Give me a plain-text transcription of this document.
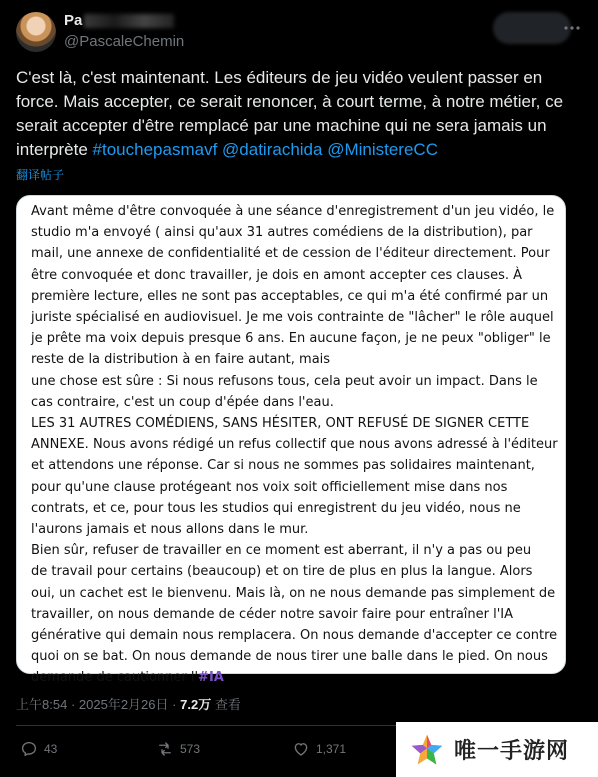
Pa
@PascaleChemin

C'est là, c'est maintenant. Les éditeurs de jeu vidéo veulent passer en force. Mais accepter, ce serait renoncer, à court terme, à notre métier, ce serait accepter d'être remplacé par une machine qui ne sera jamais un interprète #touchepasmavf @datirachida @MinistereCC

翻译帖子
Avant même d'être convoquée à une séance d'enregistrement d'un jeu vidéo, le
studio m'a envoyé ( ainsi qu'aux 31 autres comédiens de la distribution), par
mail, une annexe de confidentialité et de cession de l'éditeur directement. Pour
être convoquée et donc travailler, je dois en amont accepter ces clauses. À
première lecture, elles ne sont pas acceptables, ce qui m'a été confirmé par un
juriste spécialisé en audiovisuel. Je me vois contrainte de "lâcher" le rôle auquel
je prête ma voix depuis presque 6 ans. En aucune façon, je ne peux "obliger" le
reste de la distribution à en faire autant, mais
une chose est sûre : Si nous refusons tous, cela peut avoir un impact. Dans le
cas contraire, c'est un coup d'épée dans l'eau.
LES 31 AUTRES COMÉDIENS, SANS HÉSITER, ONT REFUSÉ DE SIGNER CETTE
ANNEXE. Nous avons rédigé un refus collectif que nous avons adressé à l'éditeur
et attendons une réponse. Car si nous ne sommes pas solidaires maintenant,
pour qu'une clause protégeant nos voix soit officiellement mise dans nos
contrats, et ce, pour tous les studios qui enregistrent du jeu vidéo, nous ne
l'aurons jamais et nous allons dans le mur.
Bien sûr, refuser de travailler en ce moment est aberrant, il n'y a pas ou peu
de travail pour certains (beaucoup) et on tire de plus en plus la langue. Alors
oui, un cachet est le bienvenu. Mais là, on ne nous demande pas simplement de
travailler, on nous demande de céder notre savoir faire pour entraîner l'IA
générative qui demain nous remplacera. On nous demande d'accepter ce contre
quoi on se bat. On nous demande de nous tirer une balle dans le pied. On nous
demande de cautionner l'#IA
上午8:54 · 2025年2月26日 · 7.2万 查看
43	573	1,371	唯一手游网
